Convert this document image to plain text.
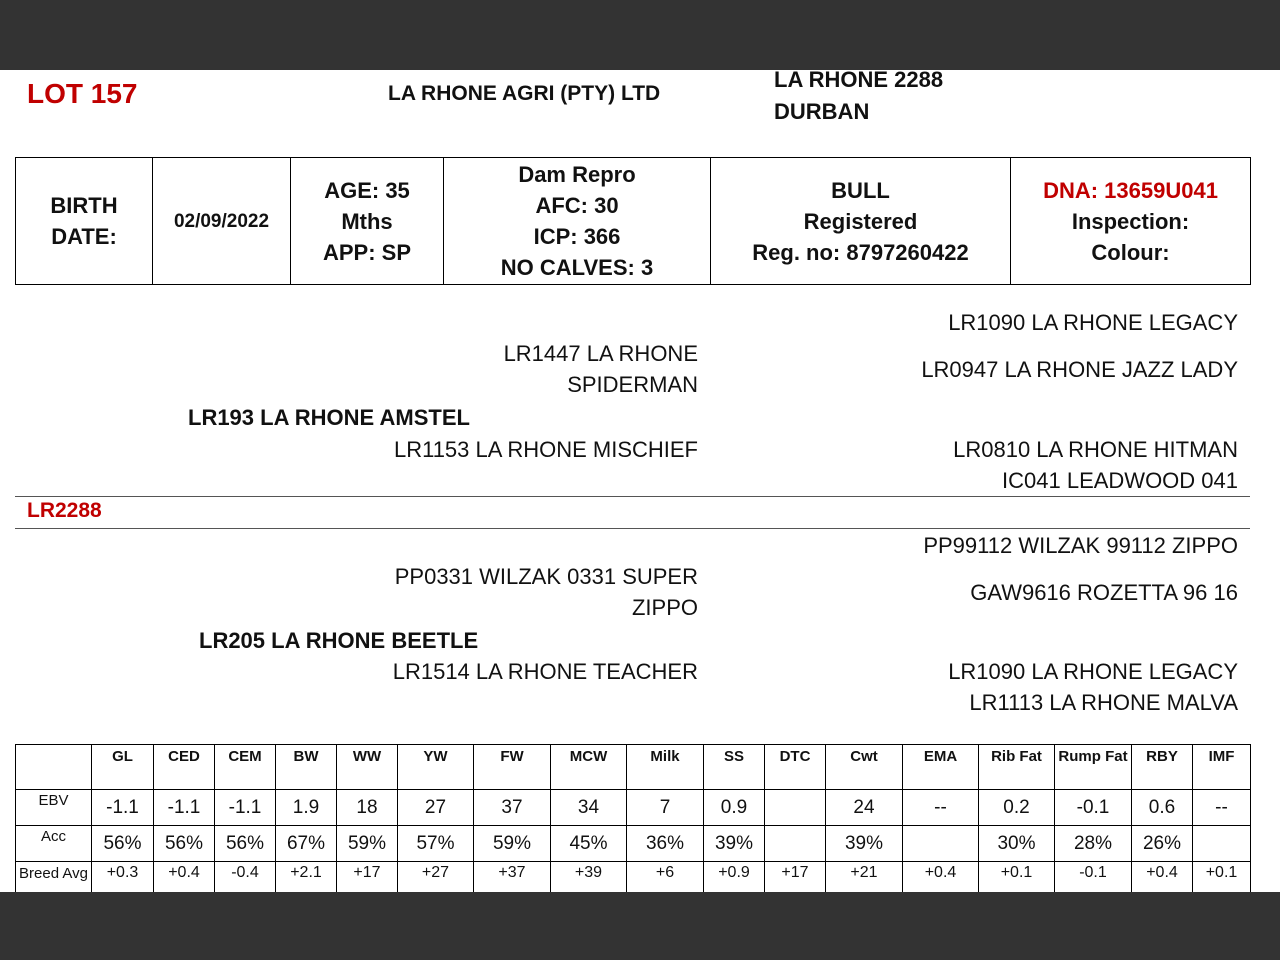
LOT 157	LA RHONE AGRI (PTY) LTD
LA RHONE 2288
DURBAN
BIRTH
DATE:
	02/09/2022	
AGE: 35
Mths
APP: SP

Dam Repro
AFC: 30
ICP: 366
NO CALVES: 3

BULL
Registered
Reg. no: 8797260422

DNA: 13659U041
Inspection:
Colour:
LR1090 LA RHONE LEGACY
LR1447 LA RHONE
SPIDERMAN
LR0947 LA RHONE JAZZ LADY
LR193 LA RHONE AMSTEL
LR1153 LA RHONE MISCHIEF	LR0810 LA RHONE HITMAN
IC041 LEADWOOD 041
LR2288
PP99112 WILZAK 99112 ZIPPO
PP0331 WILZAK 0331 SUPER
ZIPPO
GAW9616 ROZETTA 96 16
LR205 LA RHONE BEETLE
LR1514 LA RHONE TEACHER	LR1090 LA RHONE LEGACY
LR1113 LA RHONE MALVA
	GL	CED	CEM	BW	WW	YW	FW	MCW	Milk	SS	DTC	Cwt	EMA	Rib Fat	Rump Fat	RBY	IMF
EBV	-1.1	-1.1	-1.1	1.9	18	27	37	34	7	0.9		24	--	0.2	-0.1	0.6	--
Acc	56%	56%	56%	67%	59%	57%	59%	45%	36%	39%		39%		30%	28%	26%	
Breed Avg	+0.3	+0.4	-0.4	+2.1	+17	+27	+37	+39	+6	+0.9	+17	+21	+0.4	+0.1	-0.1	+0.4	+0.1
